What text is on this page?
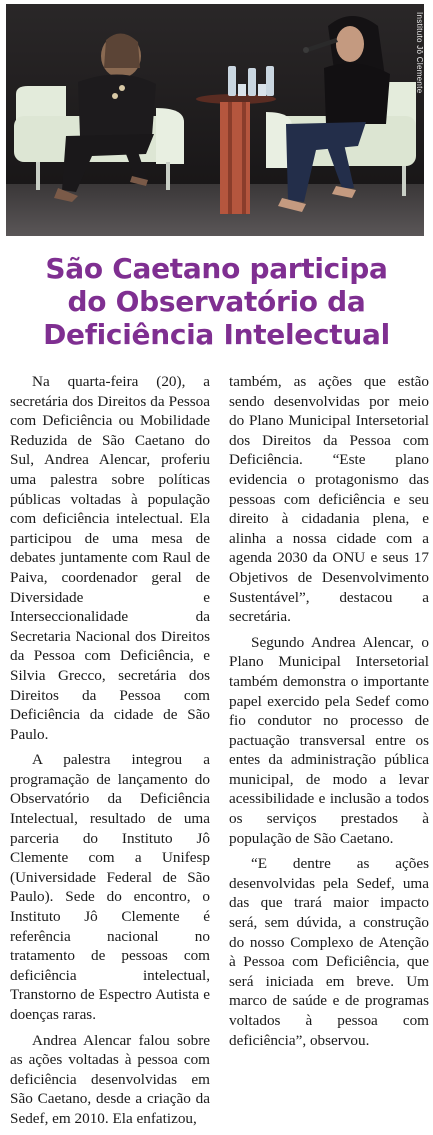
Instituto Jô Clemente
São Caetano participa
do Observatório da
Deficiência Intelectual

Na quarta-feira (20), a secretária dos Direitos da Pessoa com Deficiência ou Mobilidade Reduzida de São Caetano do Sul, Andrea Alencar, proferiu uma palestra sobre políticas públicas voltadas à população com deficiência intelectual. Ela participou de uma mesa de debates juntamente com Raul de Paiva, coordenador geral de Diversidade e Interseccionalidade da Secretaria Nacional dos Direitos da Pessoa com Deficiência, e Silvia Grecco, secretária dos Direitos da Pessoa com Deficiência da cidade de São Paulo.

A palestra integrou a programação de lançamento do Observatório da Deficiência Intelectual, resultado de uma parceria do Instituto Jô Clemente com a Unifesp (Universidade Federal de São Paulo). Sede do encontro, o Instituto Jô Clemente é referência nacional no tratamento de pessoas com deficiência intelectual, Transtorno de Espectro Autista e doenças raras.

Andrea Alencar falou sobre as ações voltadas à pessoa com deficiência desenvolvidas em São Caetano, desde a criação da Sedef, em 2010. Ela enfatizou,

também, as ações que estão sendo desenvolvidas por meio do Plano Municipal Intersetorial dos Direitos da Pessoa com Deficiência. “Este plano evidencia o protagonismo das pessoas com deficiência e seu direito à cidadania plena, e alinha a nossa cidade com a agenda 2030 da ONU e seus 17 Objetivos de Desenvolvimento Sustentável”, destacou a secretária.

Segundo Andrea Alencar, o Plano Municipal Intersetorial também demonstra o importante papel exercido pela Sedef como fio condutor no processo de pactuação transversal entre os entes da administração pública municipal, de modo a levar acessibilidade e inclusão a todos os serviços prestados à população de São Caetano.

“E dentre as ações desenvolvidas pela Sedef, uma das que trará maior impacto será, sem dúvida, a construção do nosso Complexo de Atenção à Pessoa com Deficiência, que será iniciada em breve. Um marco de saúde e de programas voltados à pessoa com deficiência”, observou.
